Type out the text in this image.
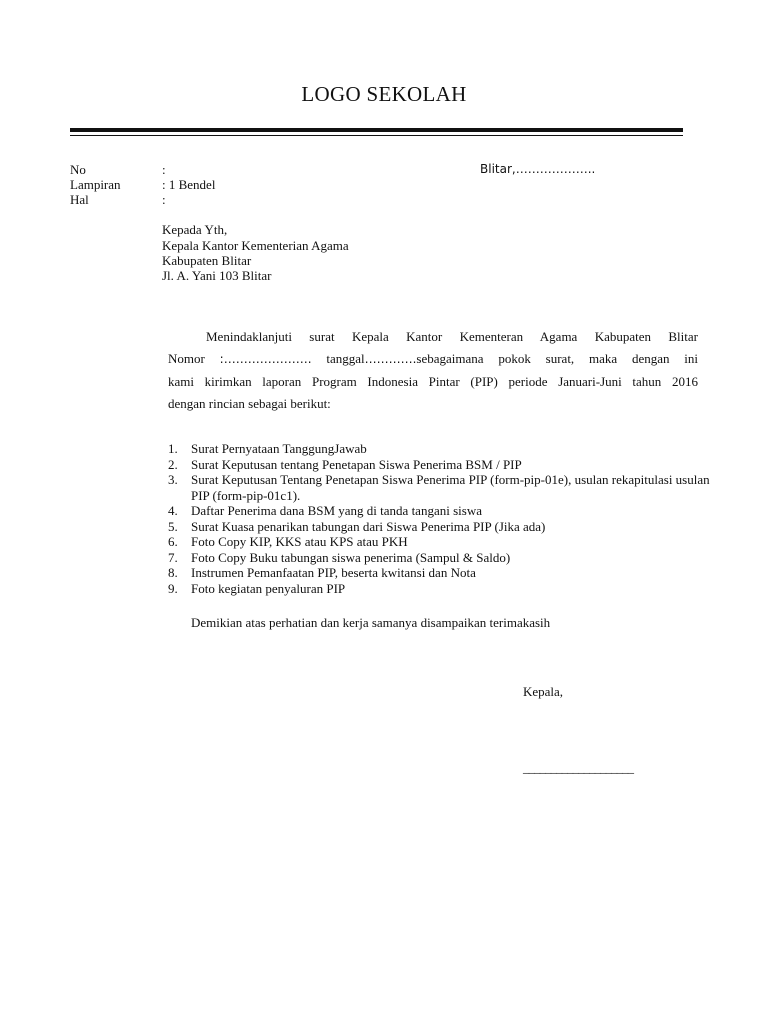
LOGO SEKOLAH
No	:
Lampiran	: 1 Bendel
Hal	:
Blitar,………………..
Kepada Yth,
Kepala Kantor Kementerian Agama
Kabupaten Blitar
Jl. A. Yani 103 Blitar
Menindaklanjuti surat Kepala Kantor Kementeran Agama Kabupaten Blitar
Nomor :…………………. tanggal………….sebagaimana pokok surat, maka dengan ini
kami kirimkan laporan Program Indonesia Pintar (PIP) periode Januari-Juni tahun 2016
dengan rincian sebagai berikut:
1. Surat Pernyataan TanggungJawab
2. Surat Keputusan tentang Penetapan Siswa Penerima BSM / PIP
3. Surat Keputusan Tentang Penetapan Siswa Penerima PIP (form-pip-01e), usulan rekapitulasi usulan PIP (form-pip-01c1).
4. Daftar Penerima dana BSM yang di tanda tangani siswa
5. Surat Kuasa penarikan tabungan dari Siswa Penerima PIP (Jika ada)
6. Foto Copy KIP, KKS atau KPS atau PKH
7. Foto Copy Buku tabungan siswa penerima (Sampul & Saldo)
8. Instrumen Pemanfaatan PIP, beserta kwitansi dan Nota
9. Foto kegiatan penyaluran PIP
Demikian atas perhatian dan kerja samanya disampaikan terimakasih
Kepala,
____________________
